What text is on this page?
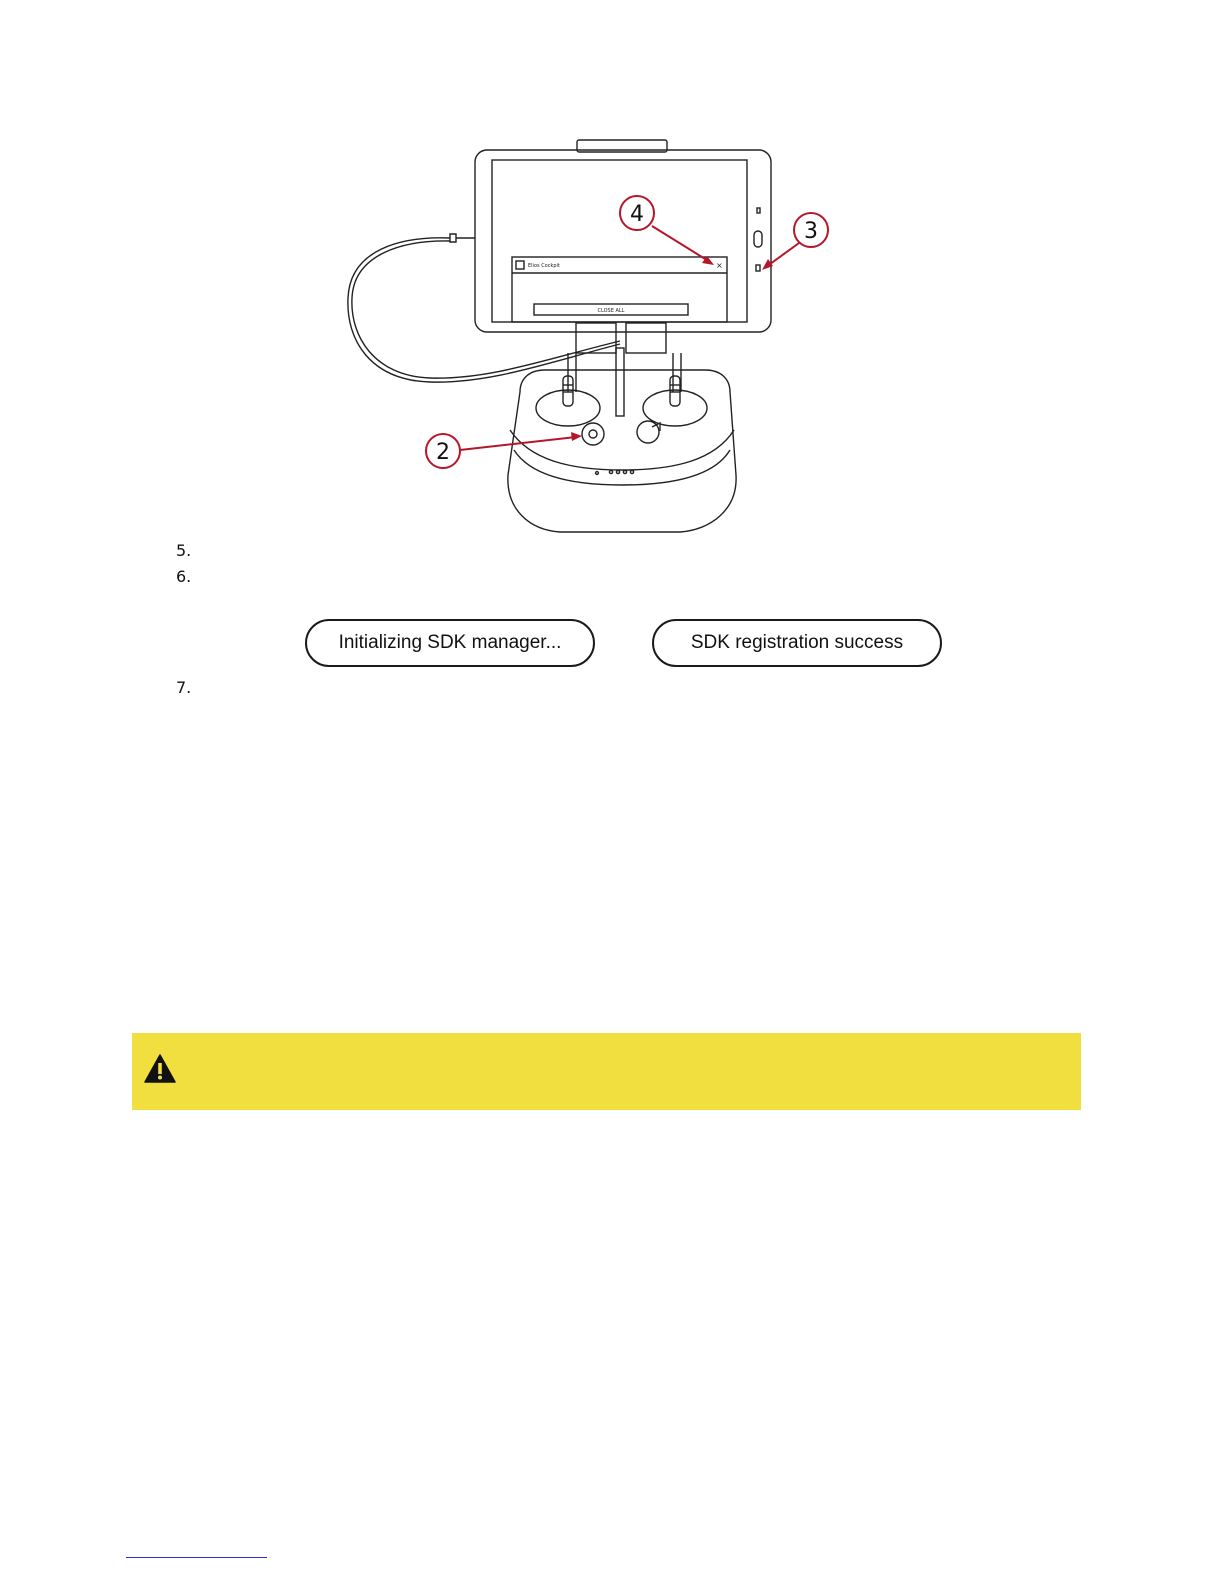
Elios Cockpit
CLOSE ALL
×
4
3
2
5.
6.
Initializing SDK manager...	SDK registration success
7.
